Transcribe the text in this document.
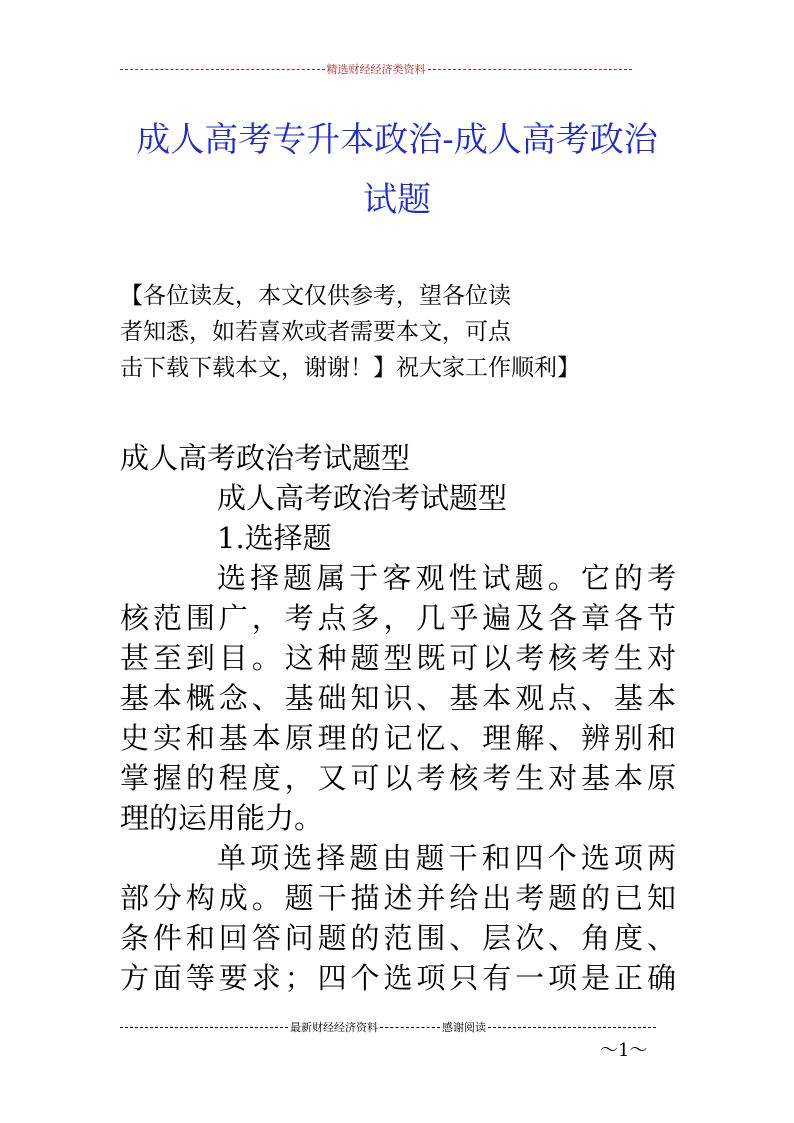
精选财经经济类资料
成人高考专升本政治-成人高考政治
试题
【各位读友，本文仅供参考，望各位读
者知悉，如若喜欢或者需要本文，可点
击下载下载本文，谢谢！】祝大家工作顺利】
成人高考政治考试题型
成人高考政治考试题型
1.选择题
选择题属于客观性试题。它的考
核范围广，考点多，几乎遍及各章各节
甚至到目。这种题型既可以考核考生对
基本概念、基础知识、基本观点、基本
史实和基本原理的记忆、理解、辨别和
掌握的程度，又可以考核考生对基本原
理的运用能力。
单项选择题由题干和四个选项两
部分构成。题干描述并给出考题的已知
条件和回答问题的范围、层次、角度、
方面等要求；四个选项只有一项是正确
最新财经经济资料	感谢阅读
～1～
